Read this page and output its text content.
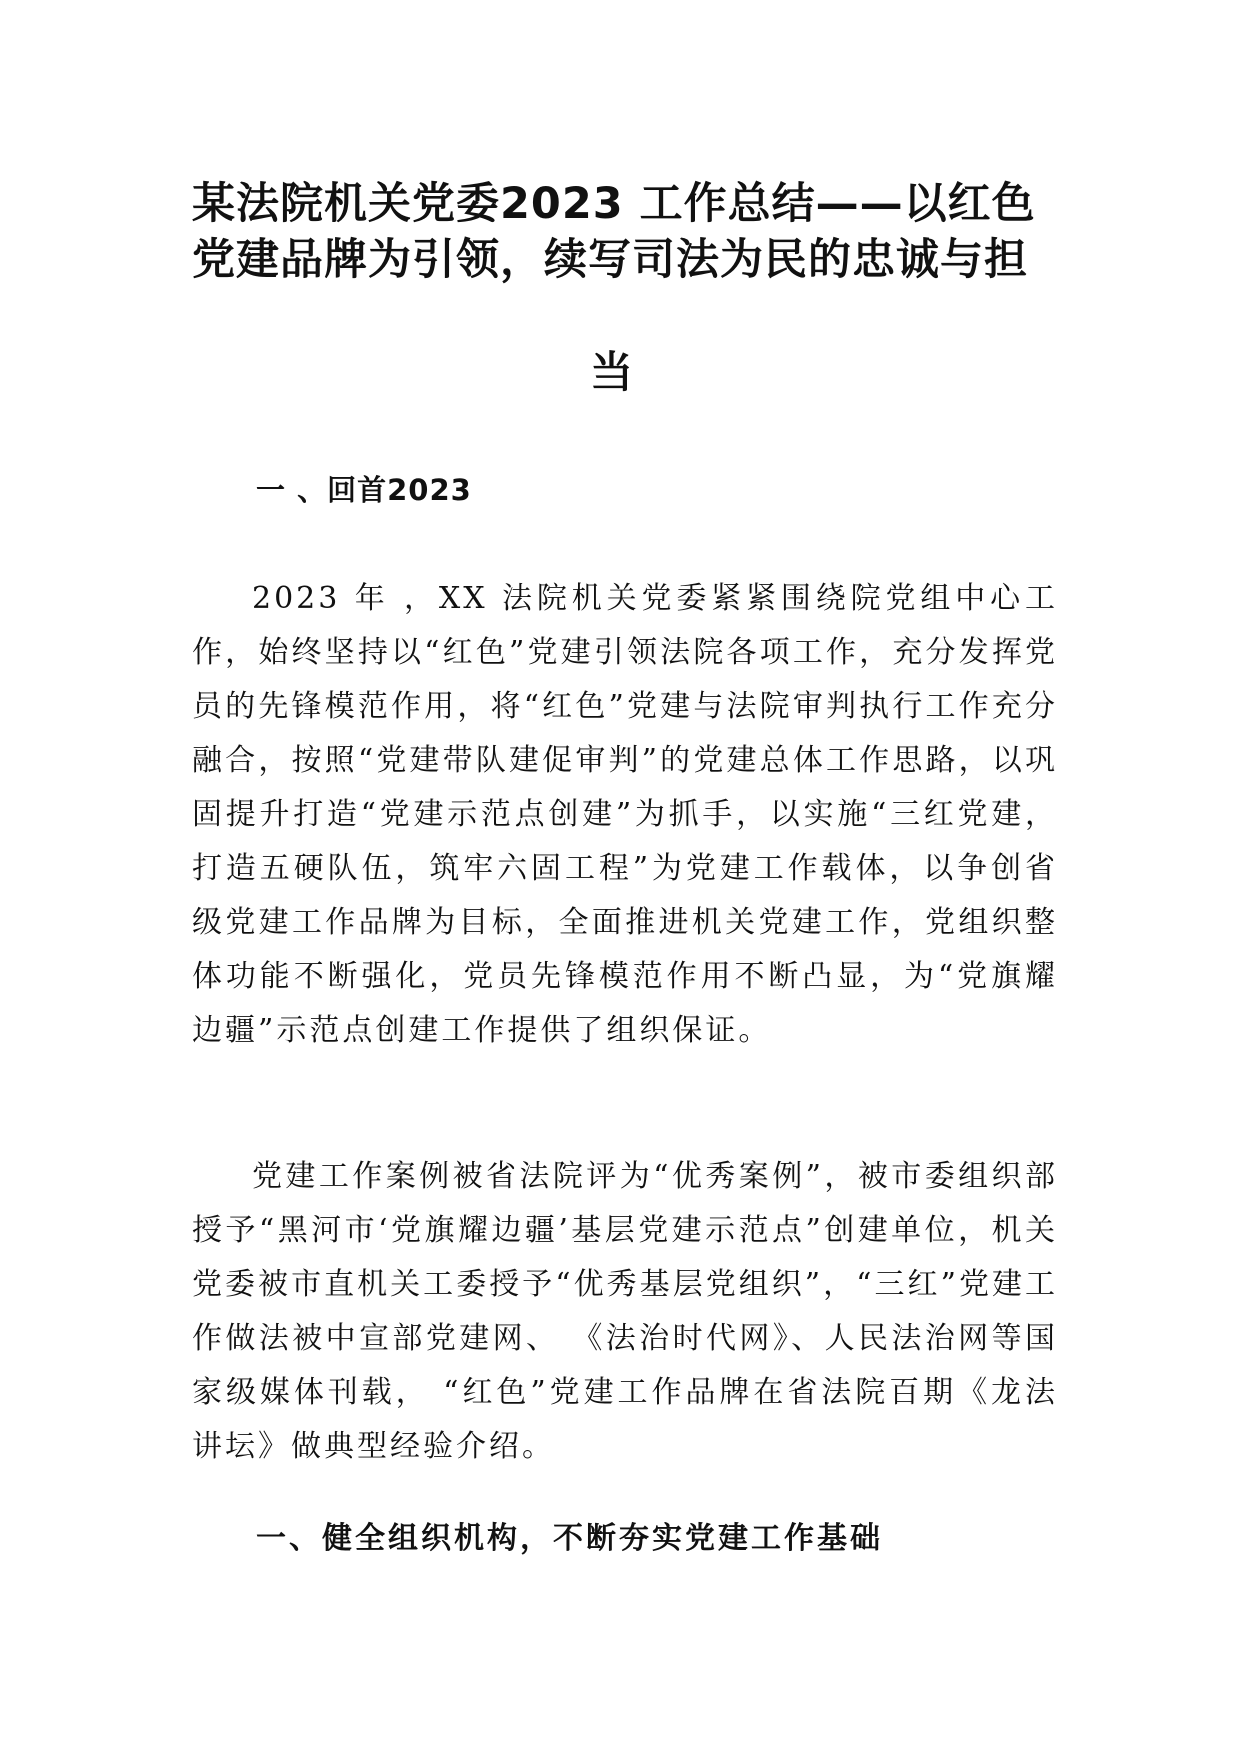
某法院机关党委2023 工作总结——以红色 党建品牌为引领，续写司法为民的忠诚与担
当
一 、回首2023

2023 年 ，XX 法院机关党委紧紧围绕院党组中心工作，始终坚持以“红色”党建引领法院各项工作，充分发挥党员的先锋模范作用，将“红色”党建与法院审判执行工作充分融合，按照“党建带队建促审判”的党建总体工作思路，以巩固提升打造“党建示范点创建”为抓手，以实施“三红党建，打造五硬队伍，筑牢六固工程”为党建工作载体，以争创省级党建工作品牌为目标，全面推进机关党建工作，党组织整体功能不断强化，党员先锋模范作用不断凸显，为“党旗耀边疆”示范点创建工作提供了组织保证。

党建工作案例被省法院评为“优秀案例”，被市委组织部授予“黑河市‘党旗耀边疆’基层党建示范点”创建单位，机关党委被市直机关工委授予“优秀基层党组织”，“三红”党建工作做法被中宣部党建网、 《法治时代网》、人民法治网等国家级媒体刊载， “红色”党建工作品牌在省法院百期《龙法讲坛》做典型经验介绍。

一、健全组织机构，不断夯实党建工作基础
